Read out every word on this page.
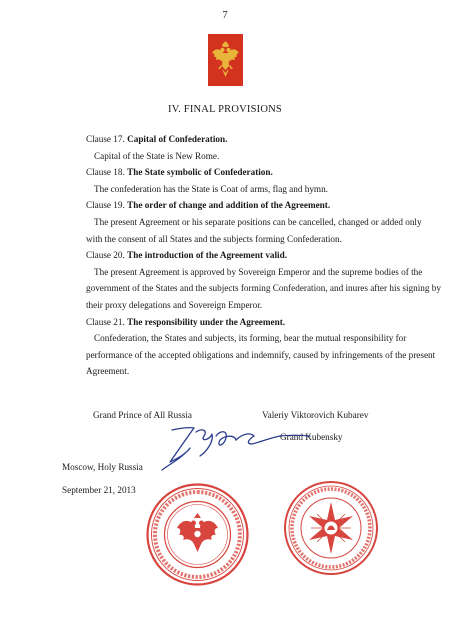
7
IV. FINAL PROVISIONS
Clause 17. Capital of Confederation.
Capital of the State is New Rome.
Clause 18. The State symbolic of Confederation.
The confederation has the State is Coat of arms, flag and hymn.
Clause 19. The order of change and addition of the Agreement.
The present Agreement or his separate positions can be cancelled, changed or added only
with the consent of all States and the subjects forming Confederation.
Clause 20. The introduction of the Agreement valid.
The present Agreement is approved by Sovereign Emperor and the supreme bodies of the
government of the States and the subjects forming Confederation, and inures after his signing by
their proxy delegations and Sovereign Emperor.
Clause 21. The responsibility under the Agreement.
Confederation, the States and subjects, its forming, bear the mutual responsibility for
performance of the accepted obligations and indemnify, caused by infringements of the present
Agreement.
Grand Prince of All Russia	Valeriy Viktorovich Kubarev
Grand Kubensky
Moscow, Holy Russia
September 21, 2013
